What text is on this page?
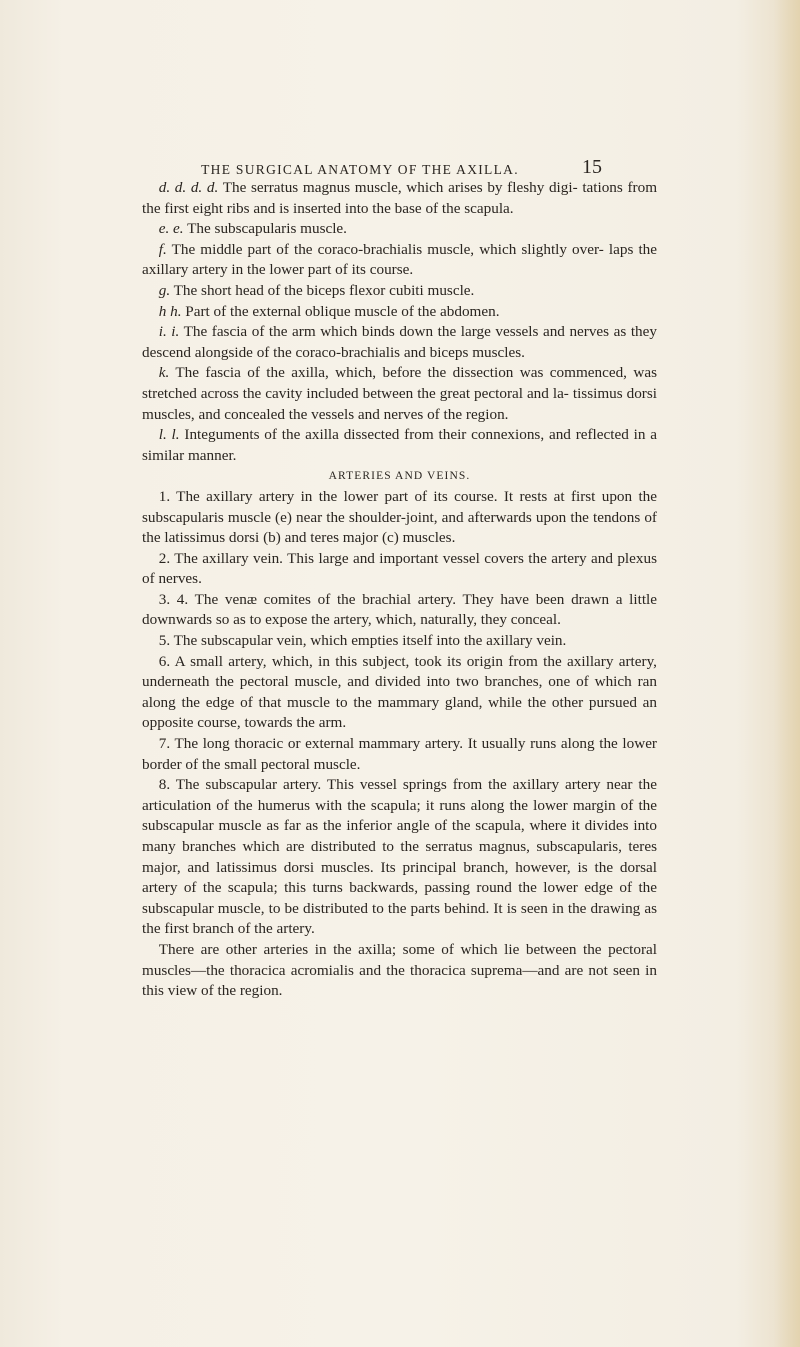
THE SURGICAL ANATOMY OF THE AXILLA.	15

d. d. d. d. The serratus magnus muscle, which arises by fleshy digi- tations from the first eight ribs and is inserted into the base of the scapula.

e. e. The subscapularis muscle.

f. The middle part of the coraco-brachialis muscle, which slightly over- laps the axillary artery in the lower part of its course.

g. The short head of the biceps flexor cubiti muscle.

h h. Part of the external oblique muscle of the abdomen.

i. i. The fascia of the arm which binds down the large vessels and nerves as they descend alongside of the coraco-brachialis and biceps muscles.

k. The fascia of the axilla, which, before the dissection was commenced, was stretched across the cavity included between the great pectoral and la- tissimus dorsi muscles, and concealed the vessels and nerves of the region.

l. l. Integuments of the axilla dissected from their connexions, and reflected in a similar manner.

ARTERIES AND VEINS.

1. The axillary artery in the lower part of its course. It rests at first upon the subscapularis muscle (e) near the shoulder-joint, and afterwards upon the tendons of the latissimus dorsi (b) and teres major (c) muscles.

2. The axillary vein. This large and important vessel covers the artery and plexus of nerves.

3. 4. The venæ comites of the brachial artery. They have been drawn a little downwards so as to expose the artery, which, naturally, they conceal.

5. The subscapular vein, which empties itself into the axillary vein.

6. A small artery, which, in this subject, took its origin from the axillary artery, underneath the pectoral muscle, and divided into two branches, one of which ran along the edge of that muscle to the mammary gland, while the other pursued an opposite course, towards the arm.

7. The long thoracic or external mammary artery. It usually runs along the lower border of the small pectoral muscle.

8. The subscapular artery. This vessel springs from the axillary artery near the articulation of the humerus with the scapula; it runs along the lower margin of the subscapular muscle as far as the inferior angle of the scapula, where it divides into many branches which are distributed to the serratus magnus, subscapularis, teres major, and latissimus dorsi muscles. Its principal branch, however, is the dorsal artery of the scapula; this turns backwards, passing round the lower edge of the subscapular muscle, to be distributed to the parts behind. It is seen in the drawing as the first branch of the artery.

There are other arteries in the axilla; some of which lie between the pectoral muscles—the thoracica acromialis and the thoracica suprema—and are not seen in this view of the region.
